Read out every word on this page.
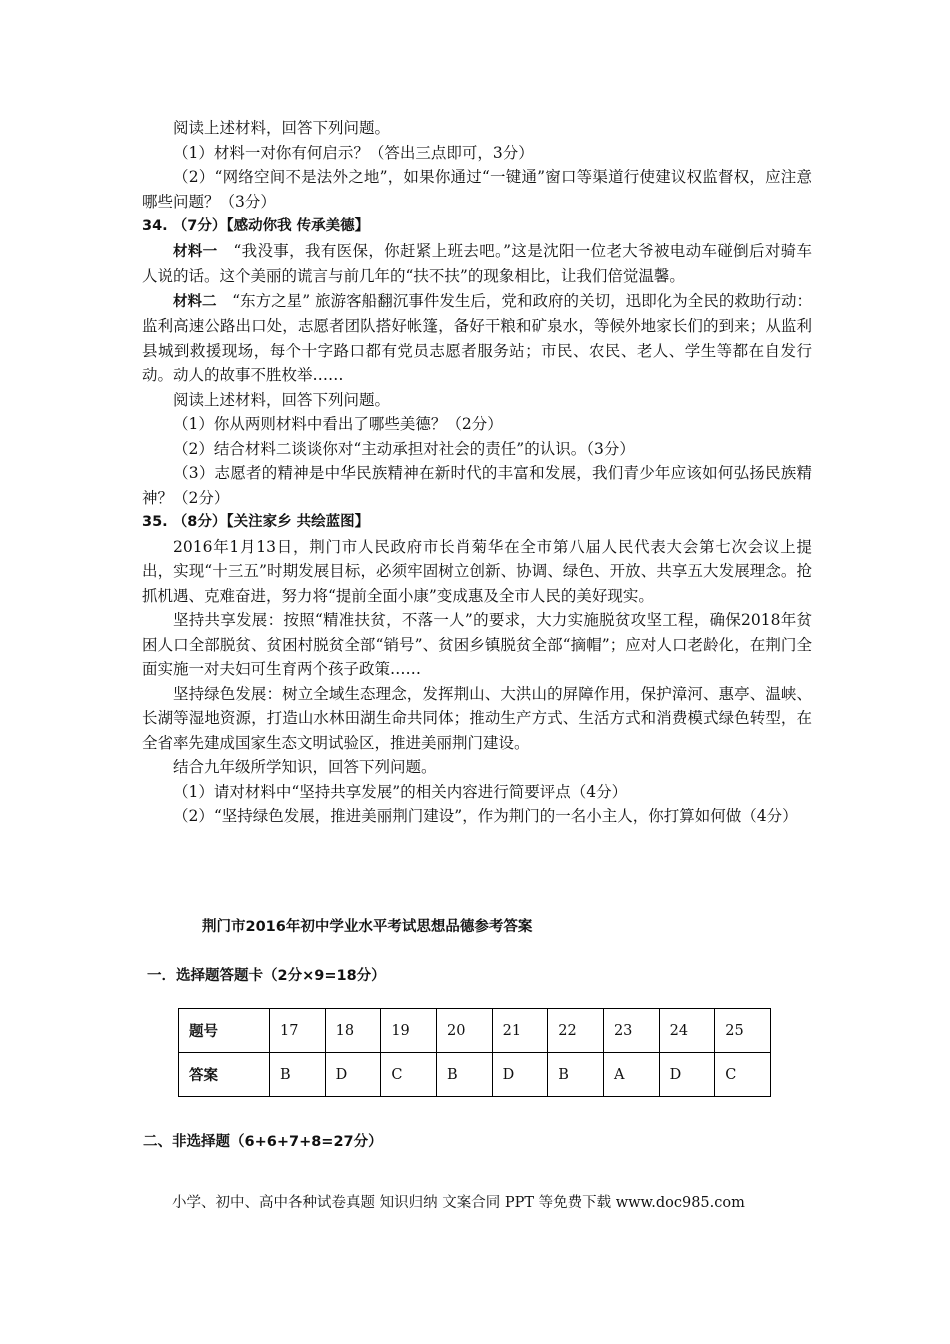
阅读上述材料，回答下列问题。

（1）材料一对你有何启示？（答出三点即可，3分）

（2）“网络空间不是法外之地”，如果你通过“一键通”窗口等渠道行使建议权监督权，应注意哪些问题？（3分）

34. （7分）【感动你我 传承美德】

材料一　“我没事，我有医保，你赶紧上班去吧。”这是沈阳一位老大爷被电动车碰倒后对骑车人说的话。这个美丽的谎言与前几年的“扶不扶”的现象相比，让我们倍觉温馨。

材料二　“东方之星” 旅游客船翻沉事件发生后，党和政府的关切，迅即化为全民的救助行动：监利高速公路出口处，志愿者团队搭好帐篷，备好干粮和矿泉水，等候外地家长们的到来；从监利县城到救援现场，每个十字路口都有党员志愿者服务站；市民、农民、老人、学生等都在自发行动。动人的故事不胜枚举……

阅读上述材料，回答下列问题。

（1）你从两则材料中看出了哪些美德？（2分）

（2）结合材料二谈谈你对“主动承担对社会的责任”的认识。（3分）

（3）志愿者的精神是中华民族精神在新时代的丰富和发展，我们青少年应该如何弘扬民族精神？（2分）

35. （8分）【关注家乡 共绘蓝图】

2016年1月13日，荆门市人民政府市长肖菊华在全市第八届人民代表大会第七次会议上提出，实现“十三五”时期发展目标，必须牢固树立创新、协调、绿色、开放、共享五大发展理念。抢抓机遇、克难奋进，努力将“提前全面小康”变成惠及全市人民的美好现实。

坚持共享发展：按照“精准扶贫，不落一人”的要求，大力实施脱贫攻坚工程，确保2018年贫困人口全部脱贫、贫困村脱贫全部“销号”、贫困乡镇脱贫全部“摘帽”；应对人口老龄化，在荆门全面实施一对夫妇可生育两个孩子政策……

坚持绿色发展：树立全域生态理念，发挥荆山、大洪山的屏障作用，保护漳河、惠亭、温峡、长湖等湿地资源，打造山水林田湖生命共同体；推动生产方式、生活方式和消费模式绿色转型，在全省率先建成国家生态文明试验区，推进美丽荆门建设。

结合九年级所学知识，回答下列问题。

（1）请对材料中“坚持共享发展”的相关内容进行简要评点（4分）

（2）“坚持绿色发展，推进美丽荆门建设”，作为荆门的一名小主人，你打算如何做（4分）

荆门市2016年初中学业水平考试思想品德参考答案
一．选择题答题卡（2分×9=18分）
题号	17	18	19	20	21	22	23	24	25
答案	B	D	C	B	D	B	A	D	C
二、非选择题（6+6+7+8=27分）
小学、初中、高中各种试卷真题 知识归纳 文案合同 PPT 等免费下载 www.doc985.com
